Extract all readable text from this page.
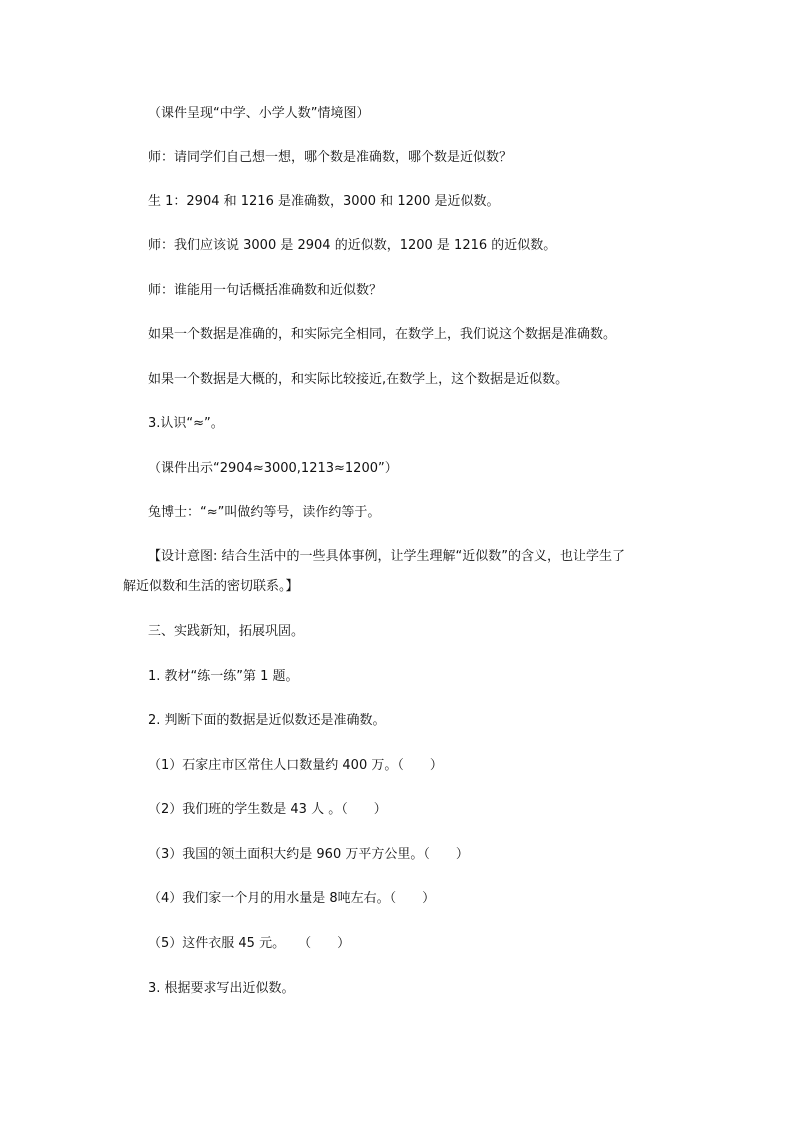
（课件呈现“中学、小学人数”情境图）
师：请同学们自己想一想，哪个数是准确数，哪个数是近似数？
生 1：2904 和 1216 是准确数，3000 和 1200 是近似数。
师：我们应该说 3000 是 2904 的近似数，1200 是 1216 的近似数。
师：谁能用一句话概括准确数和近似数？
如果一个数据是准确的，和实际完全相同，在数学上，我们说这个数据是准确数。
如果一个数据是大概的，和实际比较接近,在数学上，这个数据是近似数。
3.认识“≈”。
（课件出示“2904≈3000,1213≈1200”）
兔博士：“≈”叫做约等号，读作约等于。
【设计意图: 结合生活中的一些具体事例，让学生理解“近似数”的含义，也让学生了
解近似数和生活的密切联系。】
三、实践新知，拓展巩固。
1. 教材“练一练”第 1 题。
2. 判断下面的数据是近似数还是准确数。
（1）石家庄市区常住人口数量约 400 万。（　　）
（2）我们班的学生数是 43 人 。（　　）
（3）我国的领土面积大约是 960 万平方公里。（　　）
（4）我们家一个月的用水量是 8吨左右。（　　）
（5）这件衣服 45 元。　　（　　）
3. 根据要求写出近似数。
